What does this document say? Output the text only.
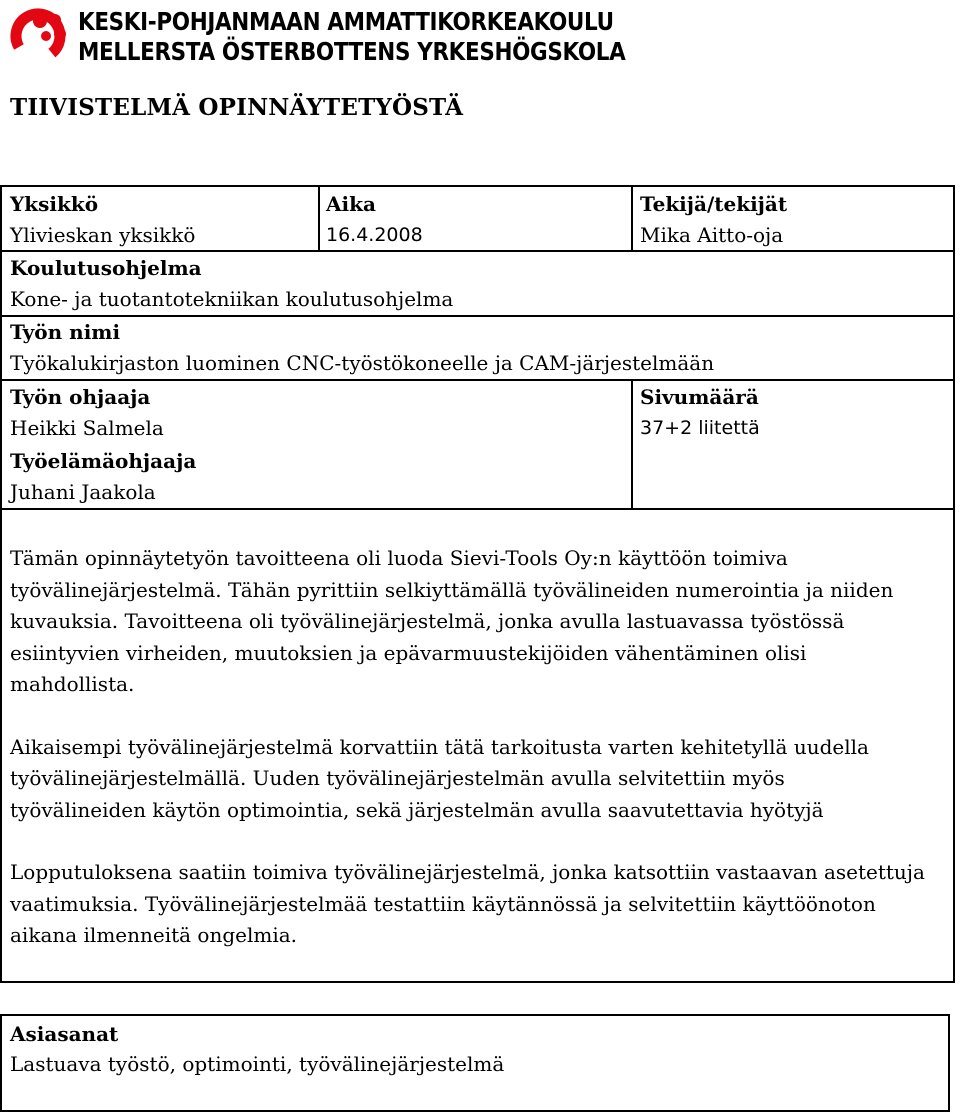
KESKI-POHJANMAAN AMMATTIKORKEAKOULU
MELLERSTA ÖSTERBOTTENS YRKESHÖGSKOLA
TIIVISTELMÄ OPINNÄYTETYÖSTÄ
Yksikkö
Ylivieskan yksikkö
Aika
16.4.2008
Tekijä/tekijät
Mika Aitto-oja
Koulutusohjelma
Kone- ja tuotantotekniikan koulutusohjelma
Työn nimi
Työkalukirjaston luominen CNC-työstökoneelle ja CAM-järjestelmään
Työn ohjaaja
Heikki Salmela
Sivumäärä
37+2 liitettä
Työelämäohjaaja
Juhani Jaakola

Tämän opinnäytetyön tavoitteena oli luoda Sievi-Tools Oy:n käyttöön toimiva
työvälinejärjestelmä. Tähän pyrittiin selkiyttämällä työvälineiden numerointia ja niiden
kuvauksia. Tavoitteena oli työvälinejärjestelmä, jonka avulla lastuavassa työstössä
esiintyvien virheiden, muutoksien ja epävarmuustekijöiden vähentäminen olisi
mahdollista.

Aikaisempi työvälinejärjestelmä korvattiin tätä tarkoitusta varten kehitetyllä uudella
työvälinejärjestelmällä. Uuden työvälinejärjestelmän avulla selvitettiin myös
työvälineiden käytön optimointia, sekä järjestelmän avulla saavutettavia hyötyjä

Lopputuloksena saatiin toimiva työvälinejärjestelmä, jonka katsottiin vastaavan asetettuja
vaatimuksia. Työvälinejärjestelmää testattiin käytännössä ja selvitettiin käyttöönoton
aikana ilmenneitä ongelmia.

Asiasanat
Lastuava työstö, optimointi, työvälinejärjestelmä
